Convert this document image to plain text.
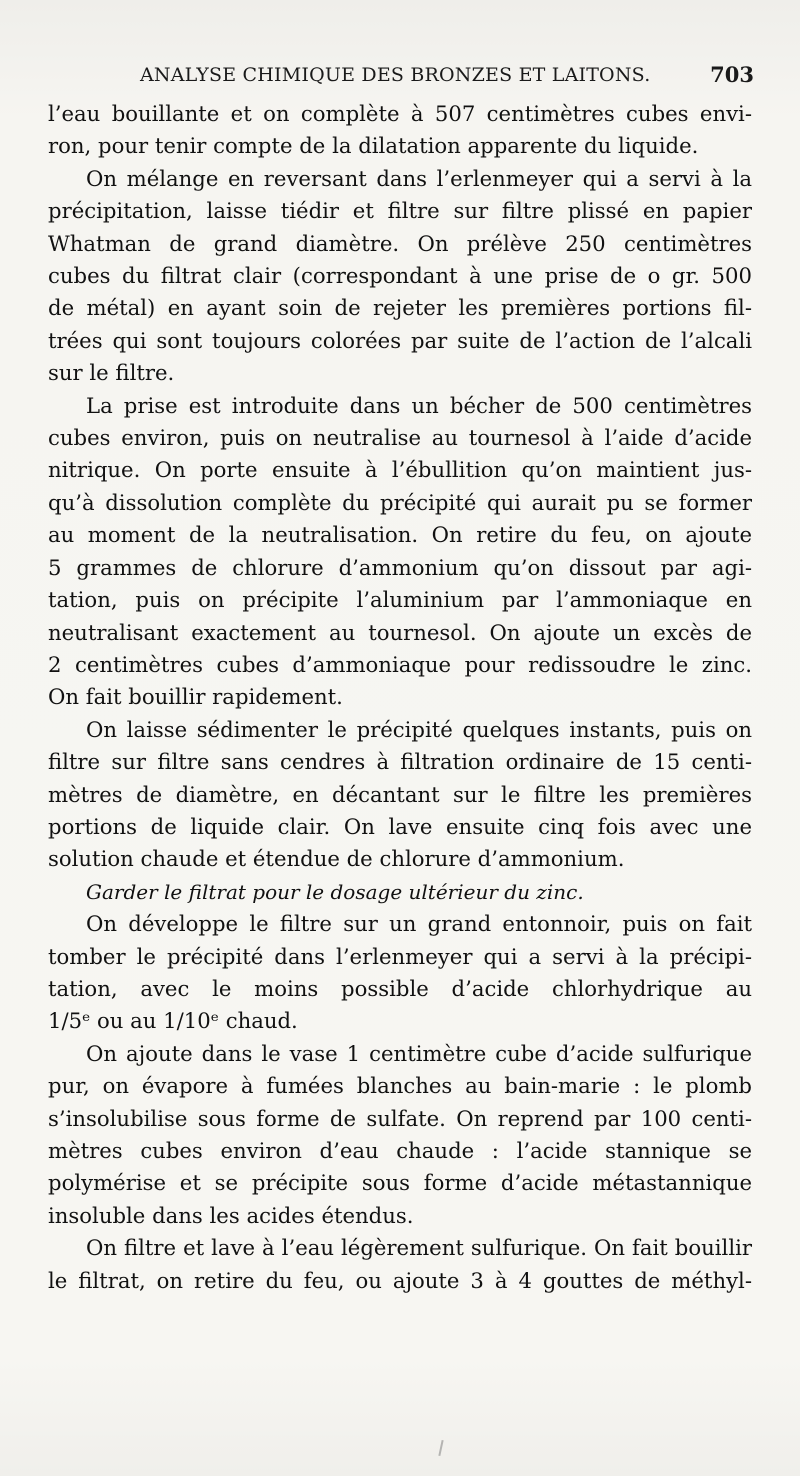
ANALYSE CHIMIQUE DES BRONZES ET LAITONS.	703

l’eau bouillante et on complète à 507 centimètres cubes envi-
ron, pour tenir compte de la dilatation apparente du liquide.

On mélange en reversant dans l’erlenmeyer qui a servi à la
précipitation, laisse tiédir et filtre sur filtre plissé en papier
Whatman de grand diamètre. On prélève 250 centimètres
cubes du filtrat clair (correspondant à une prise de o gr. 500
de métal) en ayant soin de rejeter les premières portions fil-
trées qui sont toujours colorées par suite de l’action de l’alcali
sur le filtre.

La prise est introduite dans un bécher de 500 centimètres
cubes environ, puis on neutralise au tournesol à l’aide d’acide
nitrique. On porte ensuite à l’ébullition qu’on maintient jus-
qu’à dissolution complète du précipité qui aurait pu se former
au moment de la neutralisation. On retire du feu, on ajoute
5 grammes de chlorure d’ammonium qu’on dissout par agi-
tation, puis on précipite l’aluminium par l’ammoniaque en
neutralisant exactement au tournesol. On ajoute un excès de
2 centimètres cubes d’ammoniaque pour redissoudre le zinc.
On fait bouillir rapidement.

On laisse sédimenter le précipité quelques instants, puis on
filtre sur filtre sans cendres à filtration ordinaire de 15 centi-
mètres de diamètre, en décantant sur le filtre les premières
portions de liquide clair. On lave ensuite cinq fois avec une
solution chaude et étendue de chlorure d’ammonium.

Garder le filtrat pour le dosage ultérieur du zinc.

On développe le filtre sur un grand entonnoir, puis on fait
tomber le précipité dans l’erlenmeyer qui a servi à la précipi-
tation, avec le moins possible d’acide chlorhydrique au
1/5ᵉ ou au 1/10ᵉ chaud.

On ajoute dans le vase 1 centimètre cube d’acide sulfurique
pur, on évapore à fumées blanches au bain-marie : le plomb
s’insolubilise sous forme de sulfate. On reprend par 100 centi-
mètres cubes environ d’eau chaude : l’acide stannique se
polymérise et se précipite sous forme d’acide métastannique
insoluble dans les acides étendus.

On filtre et lave à l’eau légèrement sulfurique. On fait bouillir
le filtrat, on retire du feu, ou ajoute 3 à 4 gouttes de méthyl-
